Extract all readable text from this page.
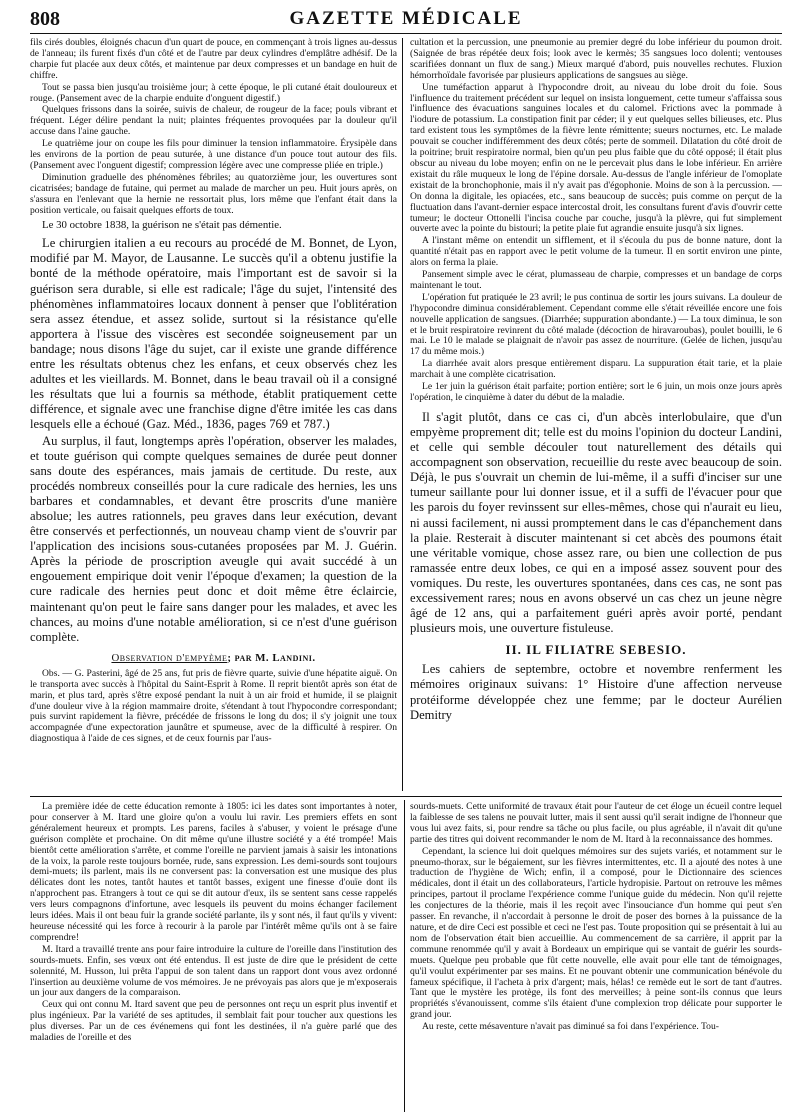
808	GAZETTE MÉDICALE

fils cirés doubles, éloignés chacun d'un quart de pouce, en commençant à trois lignes au-dessus de l'anneau; ils furent fixés d'un côté et de l'autre par deux cylindres d'emplâtre adhésif. De la charpie fut placée aux deux côtés, et maintenue par deux compresses et un bandage en huit de chiffre.

Tout se passa bien jusqu'au troisième jour; à cette époque, le pli cutané était douloureux et rouge. (Pansement avec de la charpie enduite d'onguent digestif.)

Quelques frissons dans la soirée, suivis de chaleur, de rougeur de la face; pouls vibrant et fréquent. Léger délire pendant la nuit; plaintes fréquentes provoquées par la douleur qu'il accuse dans l'aine gauche.

Le quatrième jour on coupe les fils pour diminuer la tension inflammatoire. Érysipèle dans les environs de la portion de peau suturée, à une distance d'un pouce tout autour des fils. (Pansement avec l'onguent digestif; compression légère avec une compresse pliée en triple.)

Diminution graduelle des phénomènes fébriles; au quatorzième jour, les ouvertures sont cicatrisées; bandage de futaine, qui permet au malade de marcher un peu. Huit jours après, on s'assura en l'enlevant que la hernie ne ressortait plus, lors même que l'enfant était dans la position verticale, ou faisait quelques efforts de toux.

Le 30 octobre 1838, la guérison ne s'était pas démentie.

Le chirurgien italien a eu recours au procédé de M. Bonnet, de Lyon, modifié par M. Mayor, de Lausanne. Le succès qu'il a obtenu justifie la bonté de la méthode opératoire, mais l'important est de savoir si la guérison sera durable, si elle est radicale; l'âge du sujet, l'intensité des phénomènes inflammatoires locaux donnent à penser que l'oblitération sera assez étendue, et assez solide, surtout si la résistance qu'elle apportera à l'issue des viscères est secondée soigneusement par un bandage; nous disons l'âge du sujet, car il existe une grande différence entre les résultats obtenus chez les enfans, et ceux observés chez les adultes et les vieillards. M. Bonnet, dans le beau travail où il a consigné les résultats que lui a fournis sa méthode, établit pratiquement cette différence, et signale avec une franchise digne d'être imitée les cas dans lesquels elle a échoué (Gaz. Méd., 1836, pages 769 et 787.)

Au surplus, il faut, longtemps après l'opération, observer les malades, et toute guérison qui compte quelques semaines de durée peut donner sans doute des espérances, mais jamais de certitude. Du reste, aux procédés nombreux conseillés pour la cure radicale des hernies, les uns barbares et condamnables, et devant être proscrits d'une manière absolue; les autres rationnels, peu graves dans leur exécution, devant être conservés et perfectionnés, un nouveau champ vient de s'ouvrir par l'application des incisions sous-cutanées proposées par M. J. Guérin. Après la période de proscription aveugle qui avait succédé à un engouement empirique doit venir l'époque d'examen; la question de la cure radicale des hernies peut donc et doit même être éclaircie, maintenant qu'on peut le faire sans danger pour les malades, et avec les chances, au moins d'une notable amélioration, si ce n'est d'une guérison complète.

Observation d'empyème; par M. Landini.

Obs. — G. Pasterini, âgé de 25 ans, fut pris de fièvre quarte, suivie d'une hépatite aiguë. On le transporta avec succès à l'hôpital du Saint-Esprit à Rome. Il reprit bientôt après son état de marin, et plus tard, après s'être exposé pendant la nuit à un air froid et humide, il se plaignit d'une douleur vive à la région mammaire droite, s'étendant à tout l'hypocondre correspondant; puis survint rapidement la fièvre, précédée de frissons le long du dos; il s'y joignit une toux accompagnée d'une expectoration jaunâtre et spumeuse, avec de la difficulté à respirer. On diagnostiqua à l'aide de ces signes, et de ceux fournis par l'aus-

cultation et la percussion, une pneumonie au premier degré du lobe inférieur du poumon droit. (Saignée de bras répétée deux fois; look avec le kermès; 35 sangsues loco dolenti; ventouses scarifiées donnant un flux de sang.) Mieux marqué d'abord, puis nouvelles rechutes. Fluxion hémorrhoïdale favorisée par plusieurs applications de sangsues au siège.

Une tuméfaction apparut à l'hypocondre droit, au niveau du lobe droit du foie. Sous l'influence du traitement précédent sur lequel on insista longuement, cette tumeur s'affaissa sous l'influence des évacuations sanguines locales et du calomel. Frictions avec la pommade à l'iodure de potassium. La constipation finit par céder; il y eut quelques selles bilieuses, etc. Plus tard existent tous les symptômes de la fièvre lente rémittente; sueurs nocturnes, etc. Le malade pouvait se coucher indifféremment des deux côtés; perte de sommeil. Dilatation du côté droit de la poitrine; bruit respiratoire normal, bien qu'un peu plus faible que du côté opposé; il était plus obscur au niveau du lobe moyen; enfin on ne le percevait plus dans le lobe inférieur. En arrière existait du râle muqueux le long de l'épine dorsale. Au-dessus de l'angle inférieur de l'omoplate existait de la bronchophonie, mais il n'y avait pas d'égophonie. Moins de son à la percussion. — On donna la digitale, les opiacées, etc., sans beaucoup de succès; puis comme on perçut de la fluctuation dans l'avant-dernier espace intercostal droit, les consultans furent d'avis d'ouvrir cette tumeur; le docteur Ottonelli l'incisa couche par couche, jusqu'à la plèvre, qui fut simplement ouverte avec la pointe du bistouri; la petite plaie fut agrandie ensuite jusqu'à six lignes.

A l'instant même on entendit un sifflement, et il s'écoula du pus de bonne nature, dont la quantité n'était pas en rapport avec le petit volume de la tumeur. Il en sortit environ une pinte, alors on ferma la plaie.

Pansement simple avec le cérat, plumasseau de charpie, compresses et un bandage de corps maintenant le tout.

L'opération fut pratiquée le 23 avril; le pus continua de sortir les jours suivans. La douleur de l'hypocondre diminua considérablement. Cependant comme elle s'était réveillée encore une fois nouvelle application de sangsues. (Diarrhée; suppuration abondante.) — La toux diminua, le son et le bruit respiratoire revinrent du côté malade (décoction de hiravaroubas), poulet bouilli, le 6 mai. Le 10 le malade se plaignait de n'avoir pas assez de nourriture. (Gelée de lichen, jusqu'au 17 du même mois.)

La diarrhée avait alors presque entièrement disparu. La suppuration était tarie, et la plaie marchait à une complète cicatrisation.

Le 1er juin la guérison était parfaite; portion entière; sort le 6 juin, un mois onze jours après l'opération, le cinquième à dater du début de la maladie.

Il s'agit plutôt, dans ce cas ci, d'un abcès interlobulaire, que d'un empyème proprement dit; telle est du moins l'opinion du docteur Landini, et celle qui semble découler tout naturellement des détails qui accompagnent son observation, recueillie du reste avec beaucoup de soin. Déjà, le pus s'ouvrait un chemin de lui-même, il a suffi d'inciser sur une tumeur saillante pour lui donner issue, et il a suffi de l'évacuer pour que les parois du foyer revinssent sur elles-mêmes, chose qui n'aurait eu lieu, ni aussi facilement, ni aussi promptement dans le cas d'épanchement dans la plaie. Resterait à discuter maintenant si cet abcès des poumons était une véritable vomique, chose assez rare, ou bien une collection de pus ramassée entre deux lobes, ce qui en a imposé assez souvent pour des vomiques. Du reste, les ouvertures spontanées, dans ces cas, ne sont pas excessivement rares; nous en avons observé un cas chez un jeune nègre âgé de 12 ans, qui a parfaitement guéri après avoir porté, pendant plusieurs mois, une ouverture fistuleuse.

II. IL FILIATRE SEBESIO.

Les cahiers de septembre, octobre et novembre renferment les mémoires originaux suivans: 1° Histoire d'une affection nerveuse protéiforme développée chez une femme; par le docteur Aurélien Demitry

La première idée de cette éducation remonte à 1805: ici les dates sont importantes à noter, pour conserver à M. Itard une gloire qu'on a voulu lui ravir. Les premiers effets en sont généralement heureux et prompts. Les parens, faciles à s'abuser, y voient le présage d'une guérison complète et prochaine. On dit même qu'une illustre société y a été trompée! Mais bientôt cette amélioration s'arrête, et comme l'oreille ne parvient jamais à saisir les intonations de la voix, la parole reste toujours bornée, rude, sans expression. Les demi-sourds sont toujours demi-muets; ils parlent, mais ils ne conversent pas: la conversation est une musique des plus délicates dont les notes, tantôt hautes et tantôt basses, exigent une finesse d'ouïe dont ils n'approchent pas. Etrangers à tout ce qui se dit autour d'eux, ils se sentent sans cesse rappelés vers leurs compagnons d'infortune, avec lesquels ils peuvent du moins échanger facilement leurs idées. Mais il ont beau fuir la grande société parlante, ils y sont nés, il faut qu'ils y vivent: heureuse nécessité qui les force à recourir à la parole par l'intérêt même qu'ils ont à se faire comprendre!

M. Itard a travaillé trente ans pour faire introduire la culture de l'oreille dans l'institution des sourds-muets. Enfin, ses vœux ont été entendus. Il est juste de dire que le président de cette solennité, M. Husson, lui prêta l'appui de son talent dans un rapport dont vous avez ordonné l'insertion au deuxième volume de vos mémoires. Je ne prévoyais pas alors que je m'exposerais un jour aux dangers de la comparaison.

Ceux qui ont connu M. Itard savent que peu de personnes ont reçu un esprit plus inventif et plus ingénieux. Par la variété de ses aptitudes, il semblait fait pour toucher aux questions les plus diverses. Par un de ces événemens qui font les destinées, il n'a guère parlé que des maladies de l'oreille et des

sourds-muets. Cette uniformité de travaux était pour l'auteur de cet éloge un écueil contre lequel la faiblesse de ses talens ne pouvait lutter, mais il sent aussi qu'il serait indigne de l'honneur que vous lui avez faits, si, pour rendre sa tâche ou plus facile, ou plus agréable, il n'avait dit qu'une partie des titres qui doivent recommander le nom de M. Itard à la reconnaissance des hommes.

Cependant, la science lui doit quelques mémoires sur des sujets variés, et notamment sur le pneumo-thorax, sur le bégaiement, sur les fièvres intermittentes, etc. Il a ajouté des notes à une traduction de l'hygiène de Wich; enfin, il a composé, pour le Dictionnaire des sciences médicales, dont il était un des collaborateurs, l'article hydropisie. Partout on retrouve les mêmes principes, partout il proclame l'expérience comme l'unique guide du médecin. Non qu'il rejette les conjectures de la théorie, mais il les reçoit avec l'insouciance d'un homme qui peut s'en passer. En revanche, il n'accordait à personne le droit de poser des bornes à la puissance de la nature, et de dire Ceci est possible et ceci ne l'est pas. Toute proposition qui se présentait à lui au nom de l'observation était bien accueillie. Au commencement de sa carrière, il apprit par la commune renommée qu'il y avait à Bordeaux un empirique qui se vantait de guérir les sourds-muets. Quelque peu probable que fût cette nouvelle, elle avait pour elle tant de témoignages, qu'il voulut expérimenter par ses mains. Et ne pouvant obtenir une communication bénévole du fameux spécifique, il l'acheta à prix d'argent; mais, hélas! ce remède eut le sort de tant d'autres. Tant que le mystère les protège, ils font des merveilles; à peine sont-ils connus que leurs propriétés s'évanouissent, comme s'ils étaient d'une complexion trop délicate pour supporter le grand jour.

Au reste, cette mésaventure n'avait pas diminué sa foi dans l'expérience. Tou-
